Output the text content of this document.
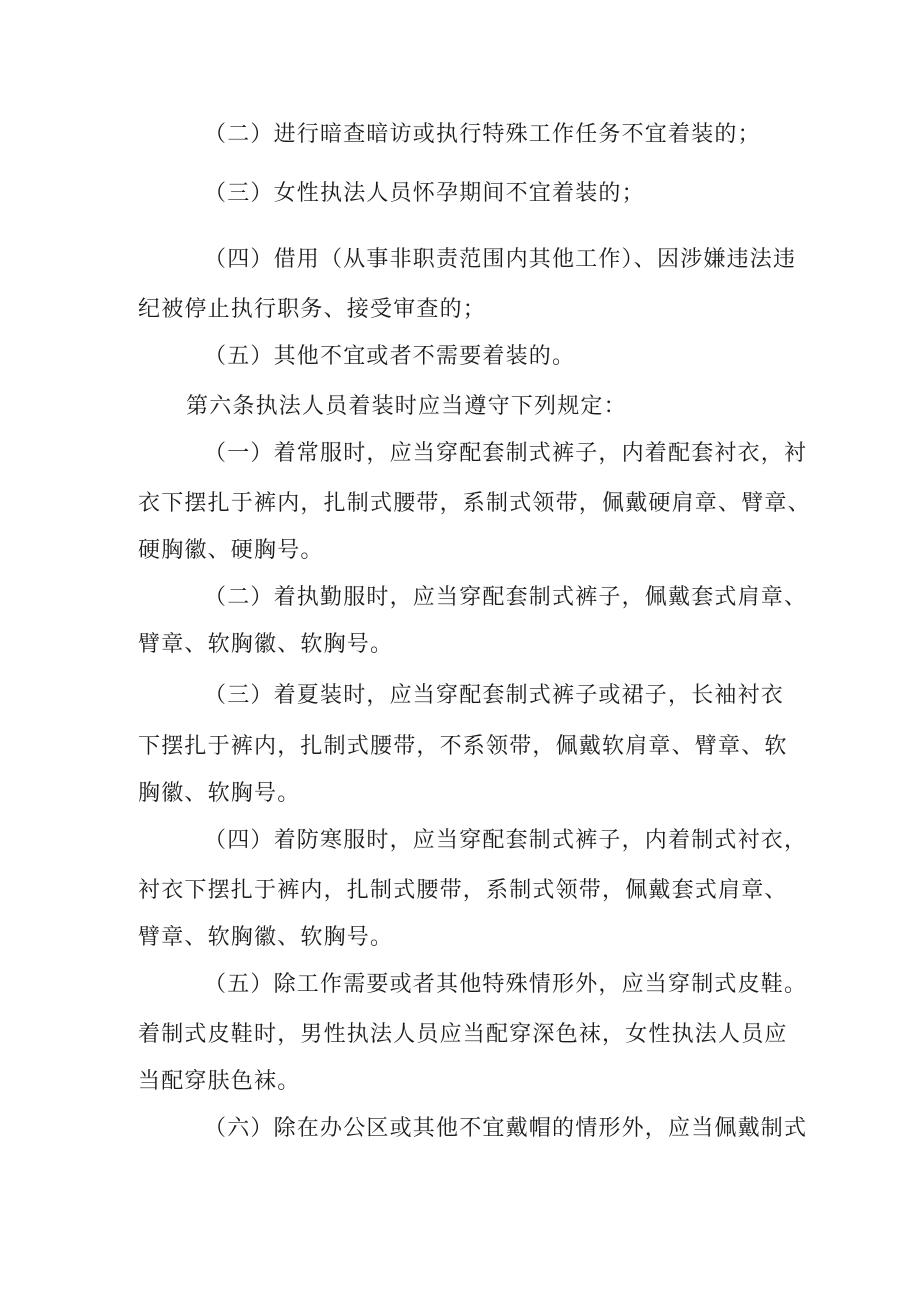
（二）进行暗查暗访或执行特殊工作任务不宜着装的；
（三）女性执法人员怀孕期间不宜着装的；
（四）借用（从事非职责范围内其他工作）、因涉嫌违法违
纪被停止执行职务、接受审查的；
（五）其他不宜或者不需要着装的。
第六条执法人员着装时应当遵守下列规定：
（一）着常服时，应当穿配套制式裤子，内着配套衬衣，衬
衣下摆扎于裤内，扎制式腰带，系制式领带，佩戴硬肩章、臂章、
硬胸徽、硬胸号。
（二）着执勤服时，应当穿配套制式裤子，佩戴套式肩章、
臂章、软胸徽、软胸号。
（三）着夏装时，应当穿配套制式裤子或裙子，长袖衬衣
下摆扎于裤内，扎制式腰带，不系领带，佩戴软肩章、臂章、软
胸徽、软胸号。
（四）着防寒服时，应当穿配套制式裤子，内着制式衬衣，
衬衣下摆扎于裤内，扎制式腰带，系制式领带，佩戴套式肩章、
臂章、软胸徽、软胸号。
（五）除工作需要或者其他特殊情形外，应当穿制式皮鞋。
着制式皮鞋时，男性执法人员应当配穿深色袜，女性执法人员应
当配穿肤色袜。
（六）除在办公区或其他不宜戴帽的情形外，应当佩戴制式
